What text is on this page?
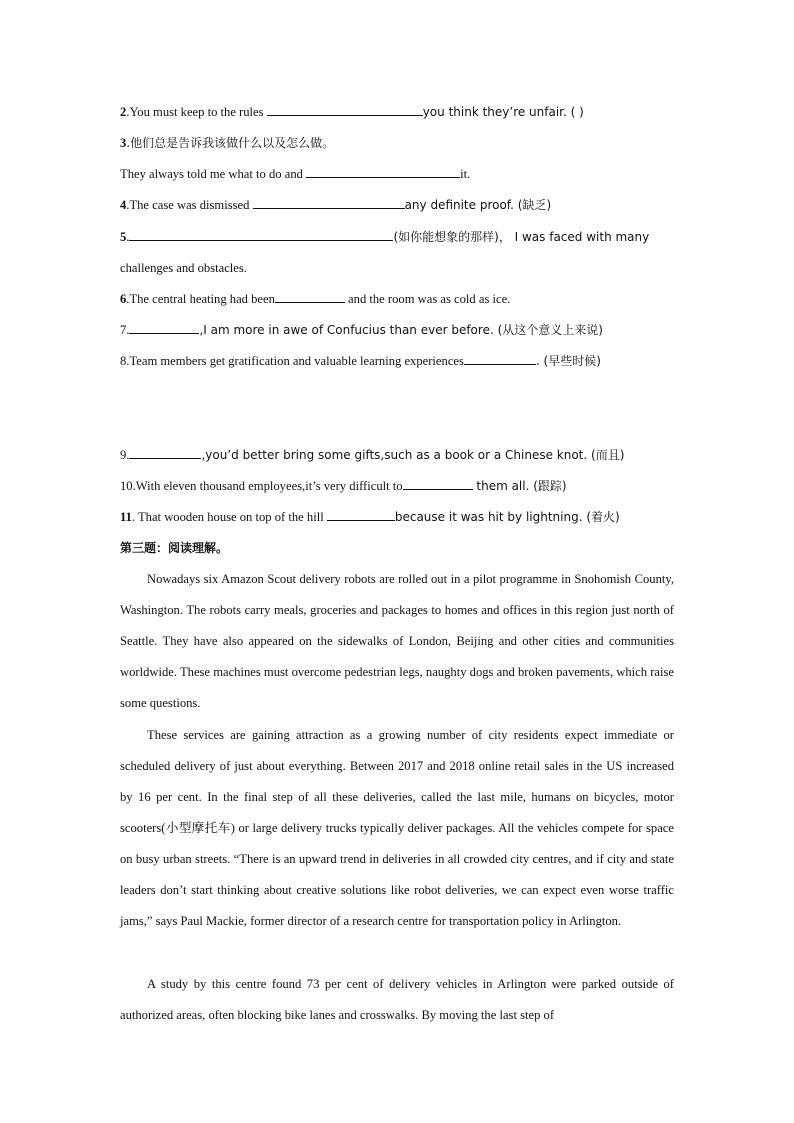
2.You must keep to the rules	you think they’re unfair. ( )
3.他们总是告诉我该做什么以及怎么做。
They always told me what to do and	it.
4.The case was dismissed	any definite proof. (缺乏)
5.	(如你能想象的那样)， I was faced with many
challenges and obstacles.
6.The central heating had been	and the room was as cold as ice.
7.	,I am more in awe of Confucius than ever before. (从这个意义上来说)
8.Team members get gratification and valuable learning experiences	. (早些时候)
9.	,you’d better bring some gifts,such as a book or a Chinese knot. (而且)
10.With eleven thousand employees,it’s very difficult to	them all. (跟踪)
11. That wooden house on top of the hill	because it was hit by lightning. (着火)
第三题：阅读理解。
Nowadays six Amazon Scout delivery robots are rolled out in a pilot programme in Snohomish County, Washington. The robots carry meals, groceries and packages to homes and offices in this region just north of Seattle. They have also appeared on the sidewalks of London, Beijing and other cities and communities worldwide. These machines must overcome pedestrian legs, naughty dogs and broken pavements, which raise some questions.
These services are gaining attraction as a growing number of city residents expect immediate or scheduled delivery of just about everything. Between 2017 and 2018 online retail sales in the US increased by 16 per cent. In the final step of all these deliveries, called the last mile, humans on bicycles, motor scooters(小型摩托车) or large delivery trucks typically deliver packages. All the vehicles compete for space on busy urban streets. “There is an upward trend in deliveries in all crowded city centres, and if city and state leaders don’t start thinking about creative solutions like robot deliveries, we can expect even worse traffic jams,” says Paul Mackie, former director of a research centre for transportation policy in Arlington.
A study by this centre found 73 per cent of delivery vehicles in Arlington were parked outside of authorized areas, often blocking bike lanes and crosswalks. By moving the last step of
